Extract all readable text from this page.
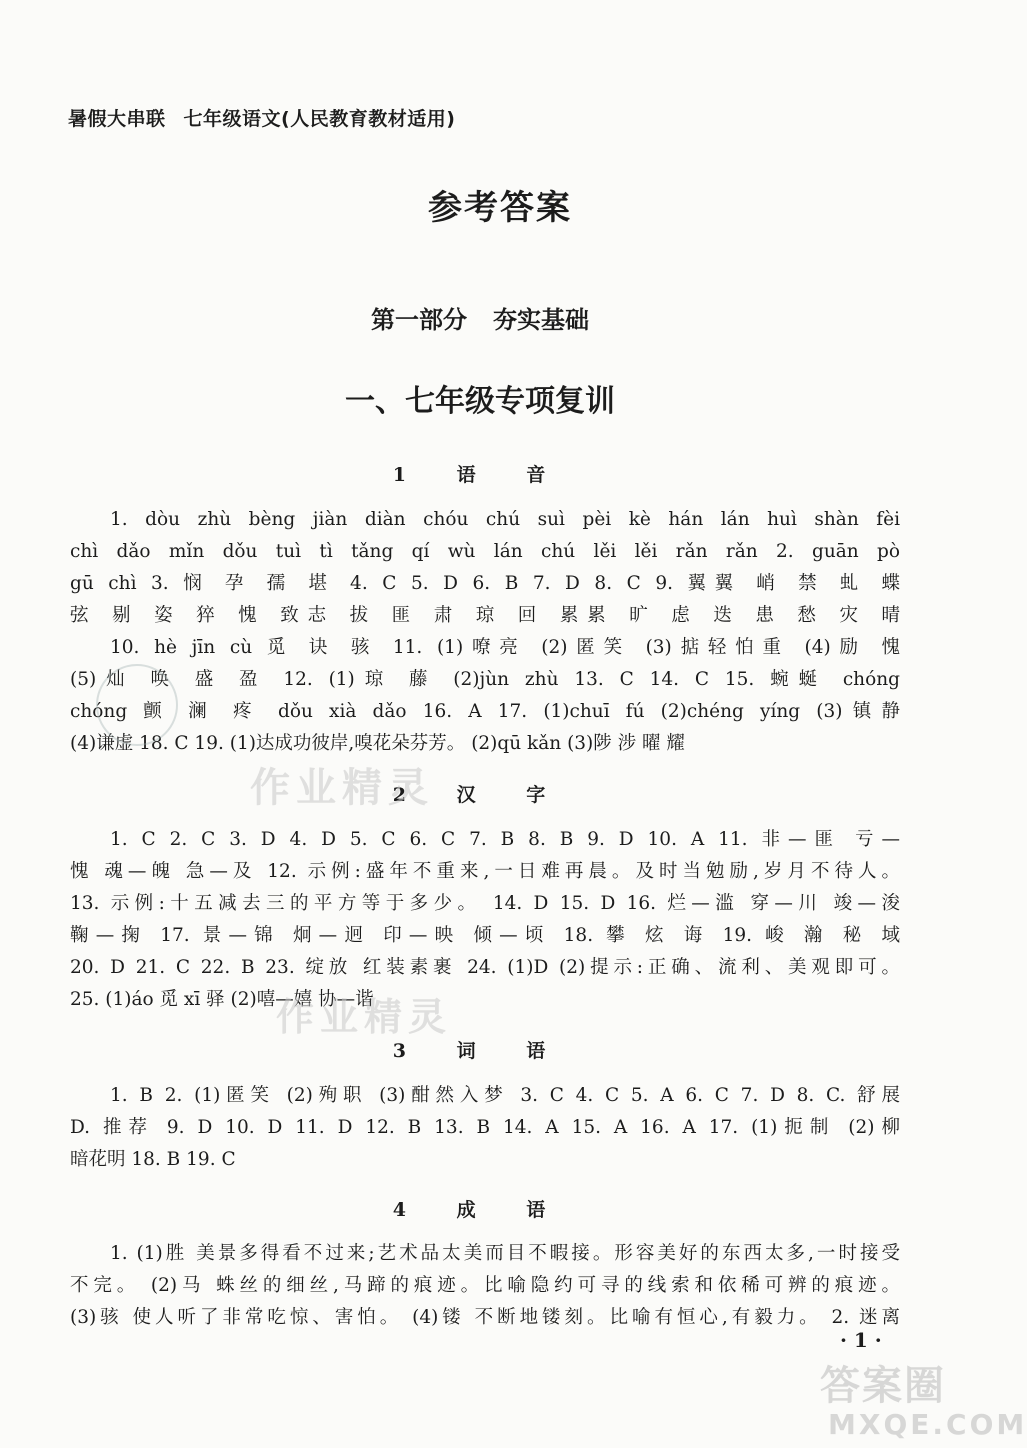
暑假大串联 七年级语文(人民教育教材适用)
参考答案
第一部分 夯实基础
一、七年级专项复训
1 语 音
1. dòu zhù bèng jiàn diàn chóu chú suì pèi kè hán lán huì shàn fèi
chì dǎo mǐn dǒu tuì tì tǎng qí wù lán chú lěi lěi rǎn rǎn 2. guān pò
gū chì 3. 悯 孕 孺 堪 4. C 5. D 6. B 7. D 8. C 9. 翼翼 峭 禁 虬 蝶
弦 剔 姿 猝 愧 致志 拔 匪 肃 琼 回 累累 旷 虑 迭 患 愁 灾 晴
10. hè jīn cù 觅 诀 骇 11. (1)嘹亮 (2)匿笑 (3)掂轻怕重 (4)励 愧
(5)灿 唤 盛 盈 12. (1)琼 藤 (2)jùn zhù 13. C 14. C 15. 蜿蜒 chóng
chóng 颤 澜 疼 dǒu xià dǎo 16. A 17. (1)chuī fú (2)chéng yíng (3)镇静
(4)谦虚 18. C 19. (1)达成功彼岸,嗅花朵芬芳。 (2)qū kǎn (3)陟 涉 曜 耀
2 汉 字
1. C 2. C 3. D 4. D 5. C 6. C 7. B 8. B 9. D 10. A 11. 非—匪 亏—
愧 魂—魄 急—及 12. 示例:盛年不重来,一日难再晨。及时当勉励,岁月不待人。
13. 示例:十五减去三的平方等于多少。 14. D 15. D 16. 烂—滥 穿—川 竣—浚
鞠—掬 17. 景—锦 炯—迥 印—映 倾—顷 18. 攀 炫 诲 19. 峻 瀚 秘 域
20. D 21. C 22. B 23. 绽放 红装素裹 24. (1)D (2)提示:正确、流利、美观即可。
25. (1)áo 觅 xī 驿 (2)嘻—嬉 协—谐
3 词 语
1. B 2. (1)匿笑 (2)殉职 (3)酣然入梦 3. C 4. C 5. A 6. C 7. D 8. C. 舒展
D. 推荐 9. D 10. D 11. D 12. B 13. B 14. A 15. A 16. A 17. (1)扼制 (2)柳
暗花明 18. B 19. C
4 成 语
1. (1)胜 美景多得看不过来;艺术品太美而目不暇接。形容美好的东西太多,一时接受
不完。 (2)马 蛛丝的细丝,马蹄的痕迹。比喻隐约可寻的线索和依稀可辨的痕迹。
(3)骇 使人听了非常吃惊、害怕。 (4)镂 不断地镂刻。比喻有恒心,有毅力。 2. 迷离
· 1 ·
作业精灵
作业精灵
答案圈
MXQE.COM
